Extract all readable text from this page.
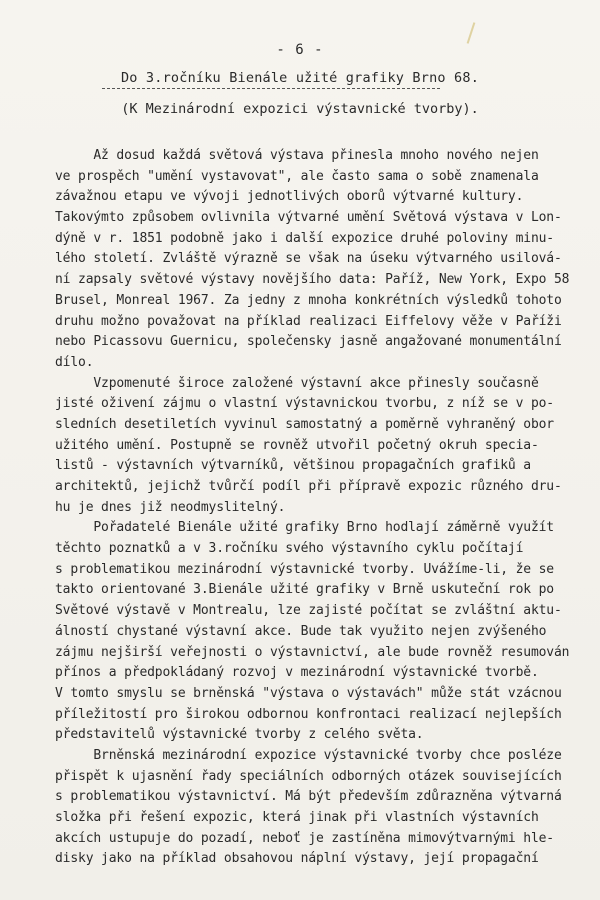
- 6 -
Do 3.ročníku Bienále užité grafiky Brno 68.
(K Mezinárodní expozici výstavnické tvorby).
Až dosud každá světová výstava přinesla mnoho nového nejen
ve prospěch "umění vystavovat", ale často sama o sobě znamenala
závažnou etapu ve vývoji jednotlivých oborů výtvarné kultury.
Takovýmto způsobem ovlivnila výtvarné umění Světová výstava v Lon-
dýně v r. 1851 podobně jako i další expozice druhé poloviny minu-
lého století. Zvláště výrazně se však na úseku výtvarného usilová-
ní zapsaly světové výstavy novějšího data: Paříž, New York, Expo 58
Brusel, Monreal 1967. Za jedny z mnoha konkrétních výsledků tohoto
druhu možno považovat na příklad realizaci Eiffelovy věže v Paříži
nebo Picassovu Guernicu, společensky jasně angažované monumentální
dílo.
Vzpomenuté široce založené výstavní akce přinesly současně
jisté oživení zájmu o vlastní výstavnickou tvorbu, z níž se v po-
sledních desetiletích vyvinul samostatný a poměrně vyhraněný obor
užitého umění. Postupně se rovněž utvořil početný okruh specia-
listů - výstavních výtvarníků, většinou propagačních grafiků a
architektů, jejichž tvůrčí podíl při přípravě expozic různého dru-
hu je dnes již neodmyslitelný.
Pořadatelé Bienále užité grafiky Brno hodlají záměrně využít
těchto poznatků a v 3.ročníku svého výstavního cyklu počítají
s problematikou mezinárodní výstavnické tvorby. Uvážíme-li, že se
takto orientované 3.Bienále užité grafiky v Brně uskuteční rok po
Světové výstavě v Montrealu, lze zajisté počítat se zvláštní aktu-
álností chystané výstavní akce. Bude tak využito nejen zvýšeného
zájmu nejširší veřejnosti o výstavnictví, ale bude rovněž resumován
přínos a předpokládaný rozvoj v mezinárodní výstavnické tvorbě.
V tomto smyslu se brněnská "výstava o výstavách" může stát vzácnou
příležitostí pro širokou odbornou konfrontaci realizací nejlepších
představitelů výstavnické tvorby z celého světa.
Brněnská mezinárodní expozice výstavnické tvorby chce posléze
přispět k ujasnění řady speciálních odborných otázek souvisejících
s problematikou výstavnictví. Má být především zdůrazněna výtvarná
složka při řešení expozic, která jinak při vlastních výstavních
akcích ustupuje do pozadí, neboť je zastíněna mimovýtvarnými hle-
disky jako na příklad obsahovou náplní výstavy, její propagační
